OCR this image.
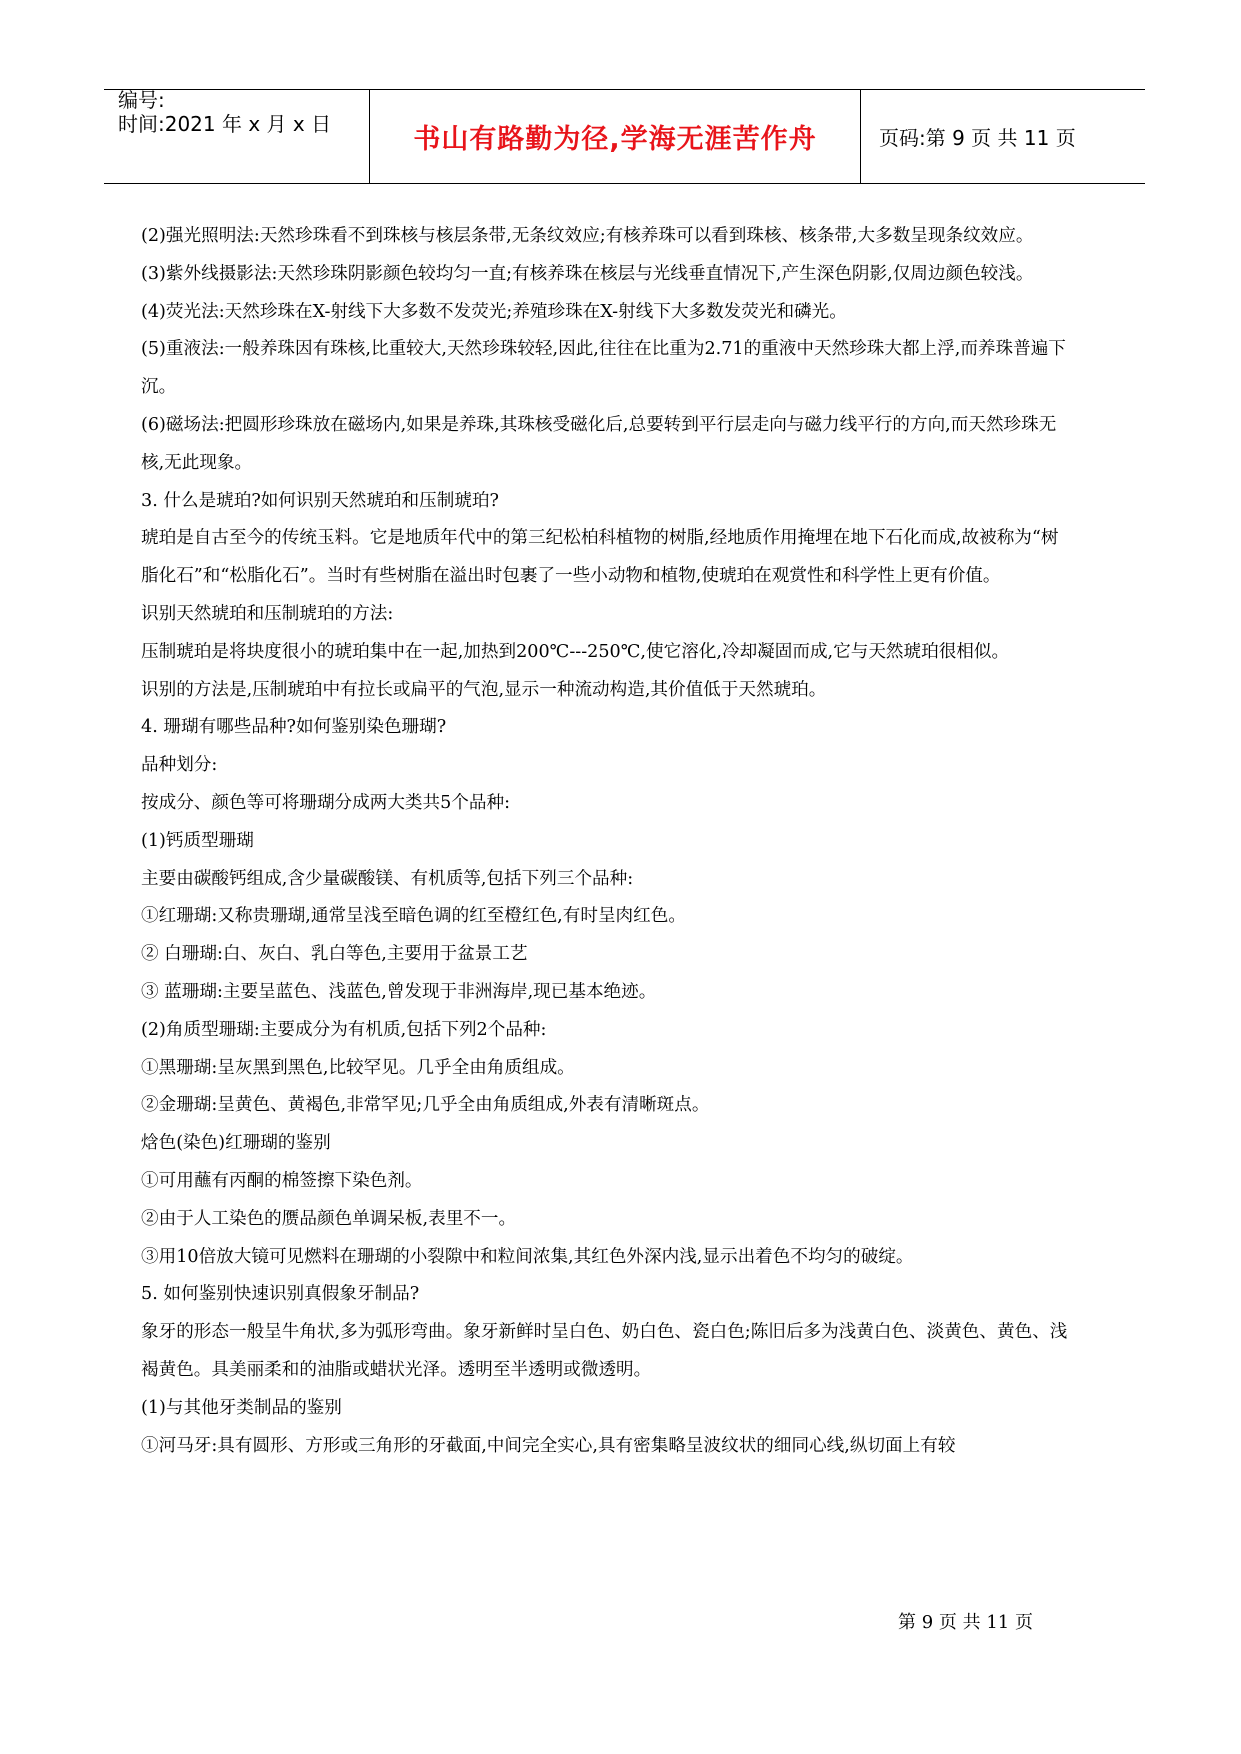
编号:
时间:2021 年 x 月 x 日	书山有路勤为径,学海无涯苦作舟	页码:第 9 页 共 11 页

(2)强光照明法:天然珍珠看不到珠核与核层条带,无条纹效应;有核养珠可以看到珠核、核条带,大多数呈现条纹效应。

(3)紫外线摄影法:天然珍珠阴影颜色较均匀一直;有核养珠在核层与光线垂直情况下,产生深色阴影,仅周边颜色较浅。

(4)荧光法:天然珍珠在X-射线下大多数不发荧光;养殖珍珠在X-射线下大多数发荧光和磷光。

(5)重液法:一般养珠因有珠核,比重较大,天然珍珠较轻,因此,往往在比重为2.71的重液中天然珍珠大都上浮,而养珠普遍下沉。

(6)磁场法:把圆形珍珠放在磁场内,如果是养珠,其珠核受磁化后,总要转到平行层走向与磁力线平行的方向,而天然珍珠无核,无此现象。

3. 什么是琥珀?如何识别天然琥珀和压制琥珀?

琥珀是自古至今的传统玉料。它是地质年代中的第三纪松柏科植物的树脂,经地质作用掩埋在地下石化而成,故被称为“树脂化石”和“松脂化石”。当时有些树脂在溢出时包裹了一些小动物和植物,使琥珀在观赏性和科学性上更有价值。

识别天然琥珀和压制琥珀的方法:

压制琥珀是将块度很小的琥珀集中在一起,加热到200℃---250℃,使它溶化,冷却凝固而成,它与天然琥珀很相似。

识别的方法是,压制琥珀中有拉长或扁平的气泡,显示一种流动构造,其价值低于天然琥珀。

4. 珊瑚有哪些品种?如何鉴别染色珊瑚?

品种划分:

按成分、颜色等可将珊瑚分成两大类共5个品种:

(1)钙质型珊瑚

主要由碳酸钙组成,含少量碳酸镁、有机质等,包括下列三个品种:

①红珊瑚:又称贵珊瑚,通常呈浅至暗色调的红至橙红色,有时呈肉红色。

② 白珊瑚:白、灰白、乳白等色,主要用于盆景工艺

③ 蓝珊瑚:主要呈蓝色、浅蓝色,曾发现于非洲海岸,现已基本绝迹。

(2)角质型珊瑚:主要成分为有机质,包括下列2个品种:

①黑珊瑚:呈灰黑到黑色,比较罕见。几乎全由角质组成。

②金珊瑚:呈黄色、黄褐色,非常罕见;几乎全由角质组成,外表有清晰斑点。

焓色(染色)红珊瑚的鉴别

①可用蘸有丙酮的棉签擦下染色剂。

②由于人工染色的赝品颜色单调呆板,表里不一。

③用10倍放大镜可见燃料在珊瑚的小裂隙中和粒间浓集,其红色外深内浅,显示出着色不均匀的破绽。

5. 如何鉴别快速识别真假象牙制品?

象牙的形态一般呈牛角状,多为弧形弯曲。象牙新鲜时呈白色、奶白色、瓷白色;陈旧后多为浅黄白色、淡黄色、黄色、浅褐黄色。具美丽柔和的油脂或蜡状光泽。透明至半透明或微透明。

(1)与其他牙类制品的鉴别

①河马牙:具有圆形、方形或三角形的牙截面,中间完全实心,具有密集略呈波纹状的细同心线,纵切面上有较

第 9 页 共 11 页
